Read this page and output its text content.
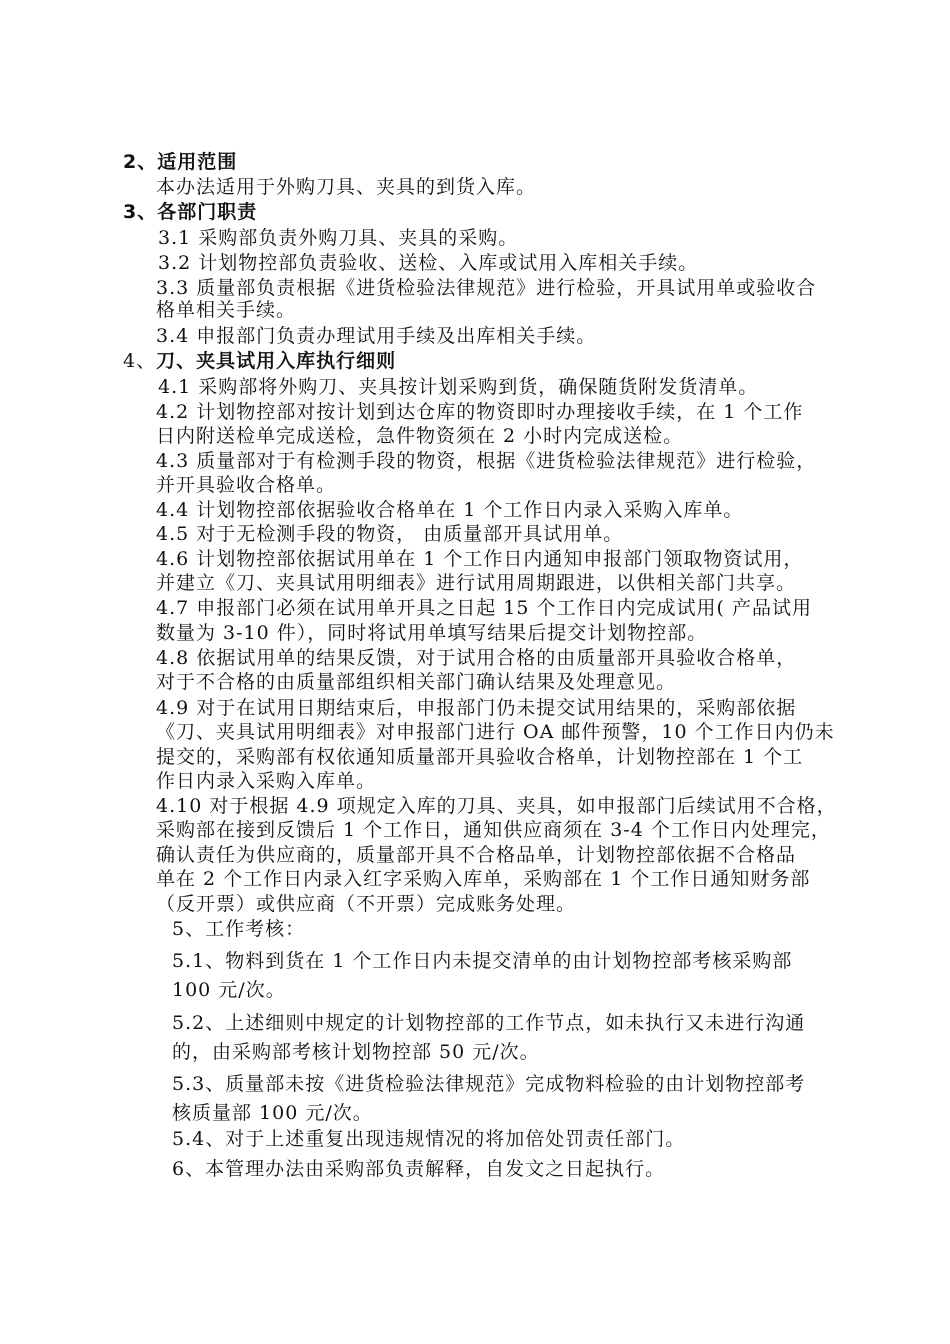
2、适用范围
本办法适用于外购刀具、夹具的到货入库。
3、各部门职责
3.1 采购部负责外购刀具、夹具的采购。
3.2 计划物控部负责验收、送检、入库或试用入库相关手续。
3.3 质量部负责根据《进货检验法律规范》进行检验，开具试用单或验收合
格单相关手续。
3.4 申报部门负责办理试用手续及出库相关手续。
4、刀、夹具试用入库执行细则
4.1 采购部将外购刀、夹具按计划采购到货，确保随货附发货清单。
4.2 计划物控部对按计划到达仓库的物资即时办理接收手续，在 1 个工作
日内附送检单完成送检，急件物资须在 2 小时内完成送检。
4.3 质量部对于有检测手段的物资，根据《进货检验法律规范》进行检验，
并开具验收合格单。
4.4 计划物控部依据验收合格单在 1 个工作日内录入采购入库单。
4.5 对于无检测手段的物资， 由质量部开具试用单。
4.6 计划物控部依据试用单在 1 个工作日内通知申报部门领取物资试用，
并建立《刀、夹具试用明细表》进行试用周期跟进，以供相关部门共享。
4.7 申报部门必须在试用单开具之日起 15 个工作日内完成试用( 产品试用
数量为 3-10 件），同时将试用单填写结果后提交计划物控部。
4.8 依据试用单的结果反馈，对于试用合格的由质量部开具验收合格单，
对于不合格的由质量部组织相关部门确认结果及处理意见。
4.9 对于在试用日期结束后，申报部门仍未提交试用结果的，采购部依据
《刀、夹具试用明细表》对申报部门进行 OA 邮件预警，10 个工作日内仍未
提交的，采购部有权依通知质量部开具验收合格单，计划物控部在 1 个工
作日内录入采购入库单。
4.10 对于根据 4.9 项规定入库的刀具、夹具，如申报部门后续试用不合格，
采购部在接到反馈后 1 个工作日，通知供应商须在 3-4 个工作日内处理完，
确认责任为供应商的，质量部开具不合格品单，计划物控部依据不合格品
单在 2 个工作日内录入红字采购入库单，采购部在 1 个工作日通知财务部
（反开票）或供应商（不开票）完成账务处理。
5、工作考核：
5.1、物料到货在 1 个工作日内未提交清单的由计划物控部考核采购部
100 元/次。
5.2、上述细则中规定的计划物控部的工作节点，如未执行又未进行沟通
的，由采购部考核计划物控部 50 元/次。
5.3、质量部未按《进货检验法律规范》完成物料检验的由计划物控部考
核质量部 100 元/次。
5.4、对于上述重复出现违规情况的将加倍处罚责任部门。
6、本管理办法由采购部负责解释，自发文之日起执行。
